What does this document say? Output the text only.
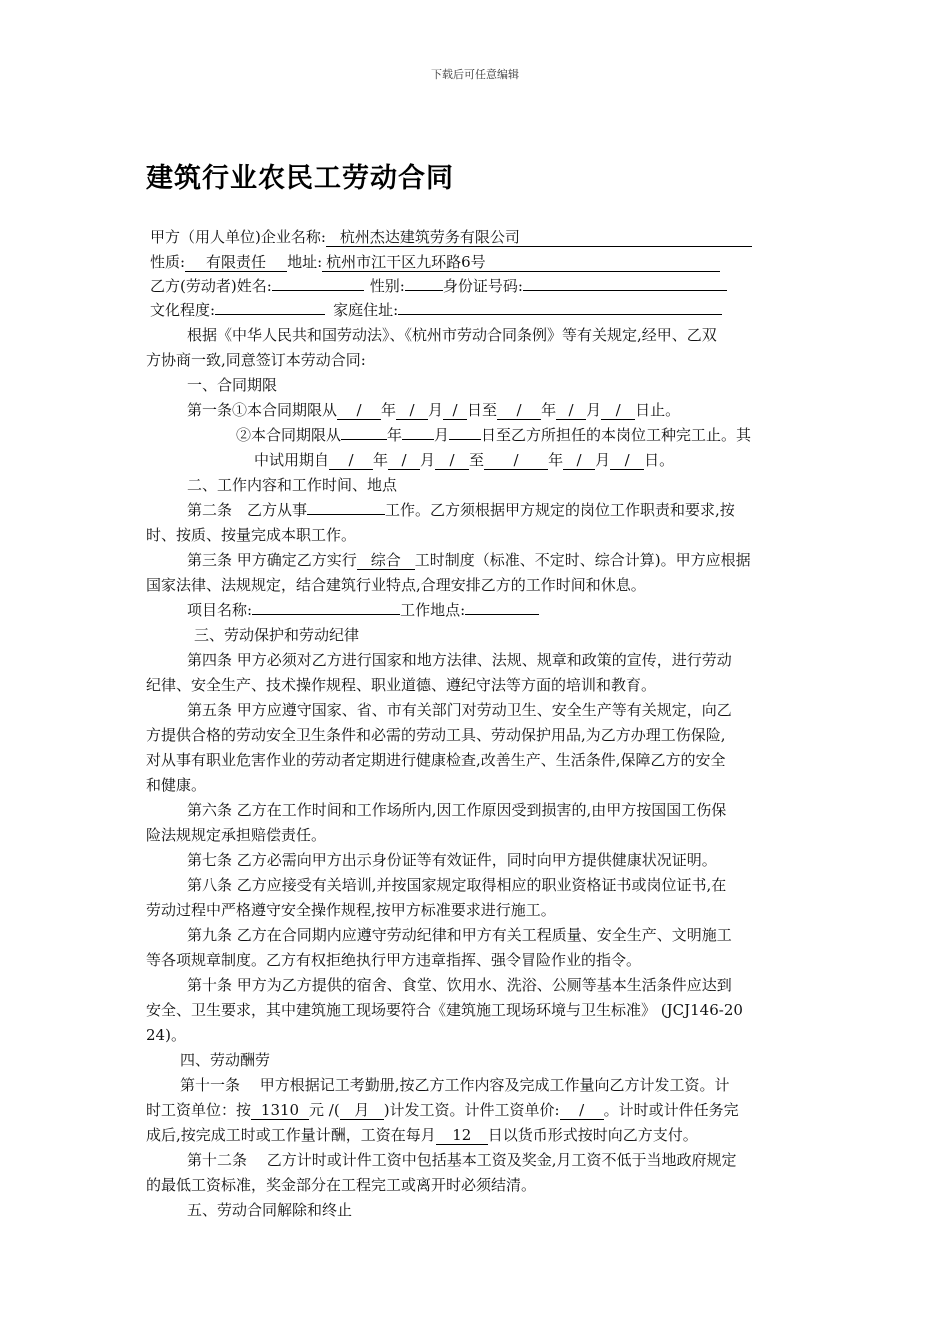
下载后可任意编辑
建筑行业农民工劳动合同
甲方（用人单位)企业名称: 杭州杰达建筑劳务有限公司
性质: 有限责任 地址: 杭州市江干区九环路6号
乙方(劳动者)姓名:	性别:	身份证号码:
文化程度:	家庭住址:
根据《中华人民共和国劳动法》、《杭州市劳动合同条例》等有关规定,经甲、乙双
方协商一致,同意签订本劳动合同:
一、合同期限
第一条①本合同期限从 / 年 / 月 / 日至 / 年 / 月 / 日止。
②本合同期限从	年 月 日至乙方所担任的本岗位工种完工止。其
中试用期自 / 年 / 月 / 至 / 年 / 月 / 日。
二、工作内容和工作时间、地点
第二条　乙方从事	工作。乙方须根据甲方规定的岗位工作职责和要求,按
时、按质、按量完成本职工作。
第三条 甲方确定乙方实行 综合 工时制度（标准、不定时、综合计算)。甲方应根据
国家法律、法规规定，结合建筑行业特点,合理安排乙方的工作时间和休息。
项目名称:	工作地点:
三、劳动保护和劳动纪律
第四条 甲方必须对乙方进行国家和地方法律、法规、规章和政策的宣传，进行劳动
纪律、安全生产、技术操作规程、职业道德、遵纪守法等方面的培训和教育。
第五条 甲方应遵守国家、省、市有关部门对劳动卫生、安全生产等有关规定，向乙
方提供合格的劳动安全卫生条件和必需的劳动工具、劳动保护用品,为乙方办理工伤保险,
对从事有职业危害作业的劳动者定期进行健康检查,改善生产、生活条件,保障乙方的安全
和健康。
第六条 乙方在工作时间和工作场所内,因工作原因受到损害的,由甲方按国国工伤保
险法规规定承担赔偿责任。
第七条 乙方必需向甲方出示身份证等有效证件，同时向甲方提供健康状况证明。
第八条 乙方应接受有关培训,并按国家规定取得相应的职业资格证书或岗位证书,在
劳动过程中严格遵守安全操作规程,按甲方标准要求进行施工。
第九条 乙方在合同期内应遵守劳动纪律和甲方有关工程质量、安全生产、文明施工
等各项规章制度。乙方有权拒绝执行甲方违章指挥、强令冒险作业的指令。
第十条 甲方为乙方提供的宿舍、食堂、饮用水、洗浴、公厕等基本生活条件应达到
安全、卫生要求，其中建筑施工现场要符合《建筑施工现场环境与卫生标准》 (JCJ146-20
24)。
四、劳动酬劳
第十一条　 甲方根据记工考勤册,按乙方工作内容及完成工作量向乙方计发工资。计
时工资单位：按 1310 元 /( 月 )计发工资。计件工资单价: / 。计时或计件任务完
成后,按完成工时或工作量计酬，工资在每月 12 日以货币形式按时向乙方支付。
第十二条　 乙方计时或计件工资中包括基本工资及奖金,月工资不低于当地政府规定
的最低工资标准，奖金部分在工程完工或离开时必须结清。
五、劳动合同解除和终止
